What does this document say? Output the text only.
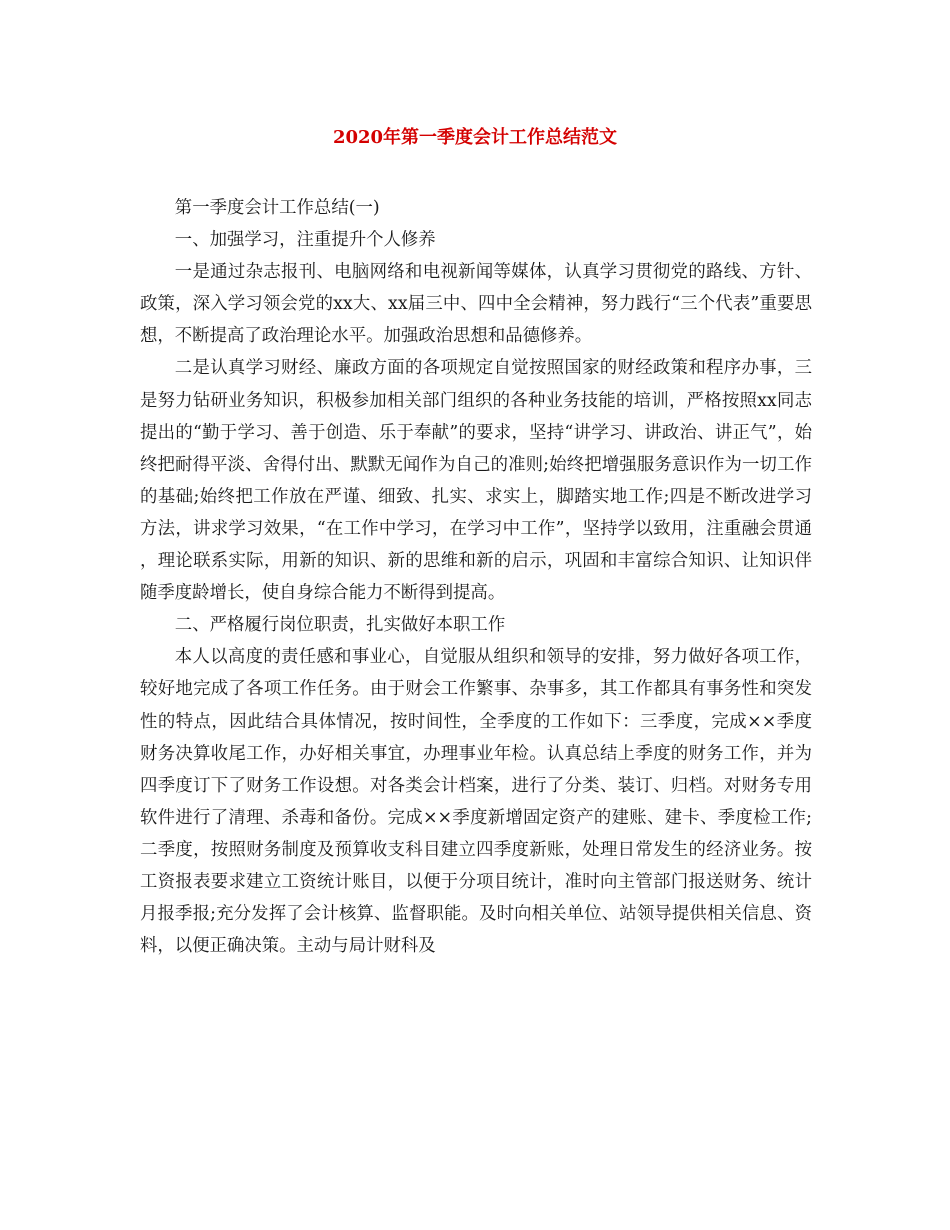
2020年第一季度会计工作总结范文

第一季度会计工作总结(一)

一、加强学习，注重提升个人修养

一是通过杂志报刊、电脑网络和电视新闻等媒体，认真学习贯彻党的路线、方针、政策，深入学习领会党的xx大、xx届三中、四中全会精神，努力践行“三个代表”重要思想，不断提高了政治理论水平。加强政治思想和品德修养。

二是认真学习财经、廉政方面的各项规定自觉按照国家的财经政策和程序办事，三是努力钻研业务知识，积极参加相关部门组织的各种业务技能的培训，严格按照xx同志提出的“勤于学习、善于创造、乐于奉献”的要求，坚持“讲学习、讲政治、讲正气”，始终把耐得平淡、舍得付出、默默无闻作为自己的准则;始终把增强服务意识作为一切工作的基础;始终把工作放在严谨、细致、扎实、求实上，脚踏实地工作;四是不断改进学习方法，讲求学习效果，“在工作中学习，在学习中工作”，坚持学以致用，注重融会贯通，理论联系实际，用新的知识、新的思维和新的启示，巩固和丰富综合知识、让知识伴随季度龄增长，使自身综合能力不断得到提高。

二、严格履行岗位职责，扎实做好本职工作

本人以高度的责任感和事业心，自觉服从组织和领导的安排，努力做好各项工作，较好地完成了各项工作任务。由于财会工作繁事、杂事多，其工作都具有事务性和突发性的特点，因此结合具体情况，按时间性，全季度的工作如下：三季度，完成××季度财务决算收尾工作，办好相关事宜，办理事业年检。认真总结上季度的财务工作，并为四季度订下了财务工作设想。对各类会计档案，进行了分类、装订、归档。对财务专用软件进行了清理、杀毒和备份。完成××季度新增固定资产的建账、建卡、季度检工作;二季度，按照财务制度及预算收支科目建立四季度新账，处理日常发生的经济业务。按工资报表要求建立工资统计账目，以便于分项目统计，准时向主管部门报送财务、统计月报季报;充分发挥了会计核算、监督职能。及时向相关单位、站领导提供相关信息、资料，以便正确决策。主动与局计财科及
